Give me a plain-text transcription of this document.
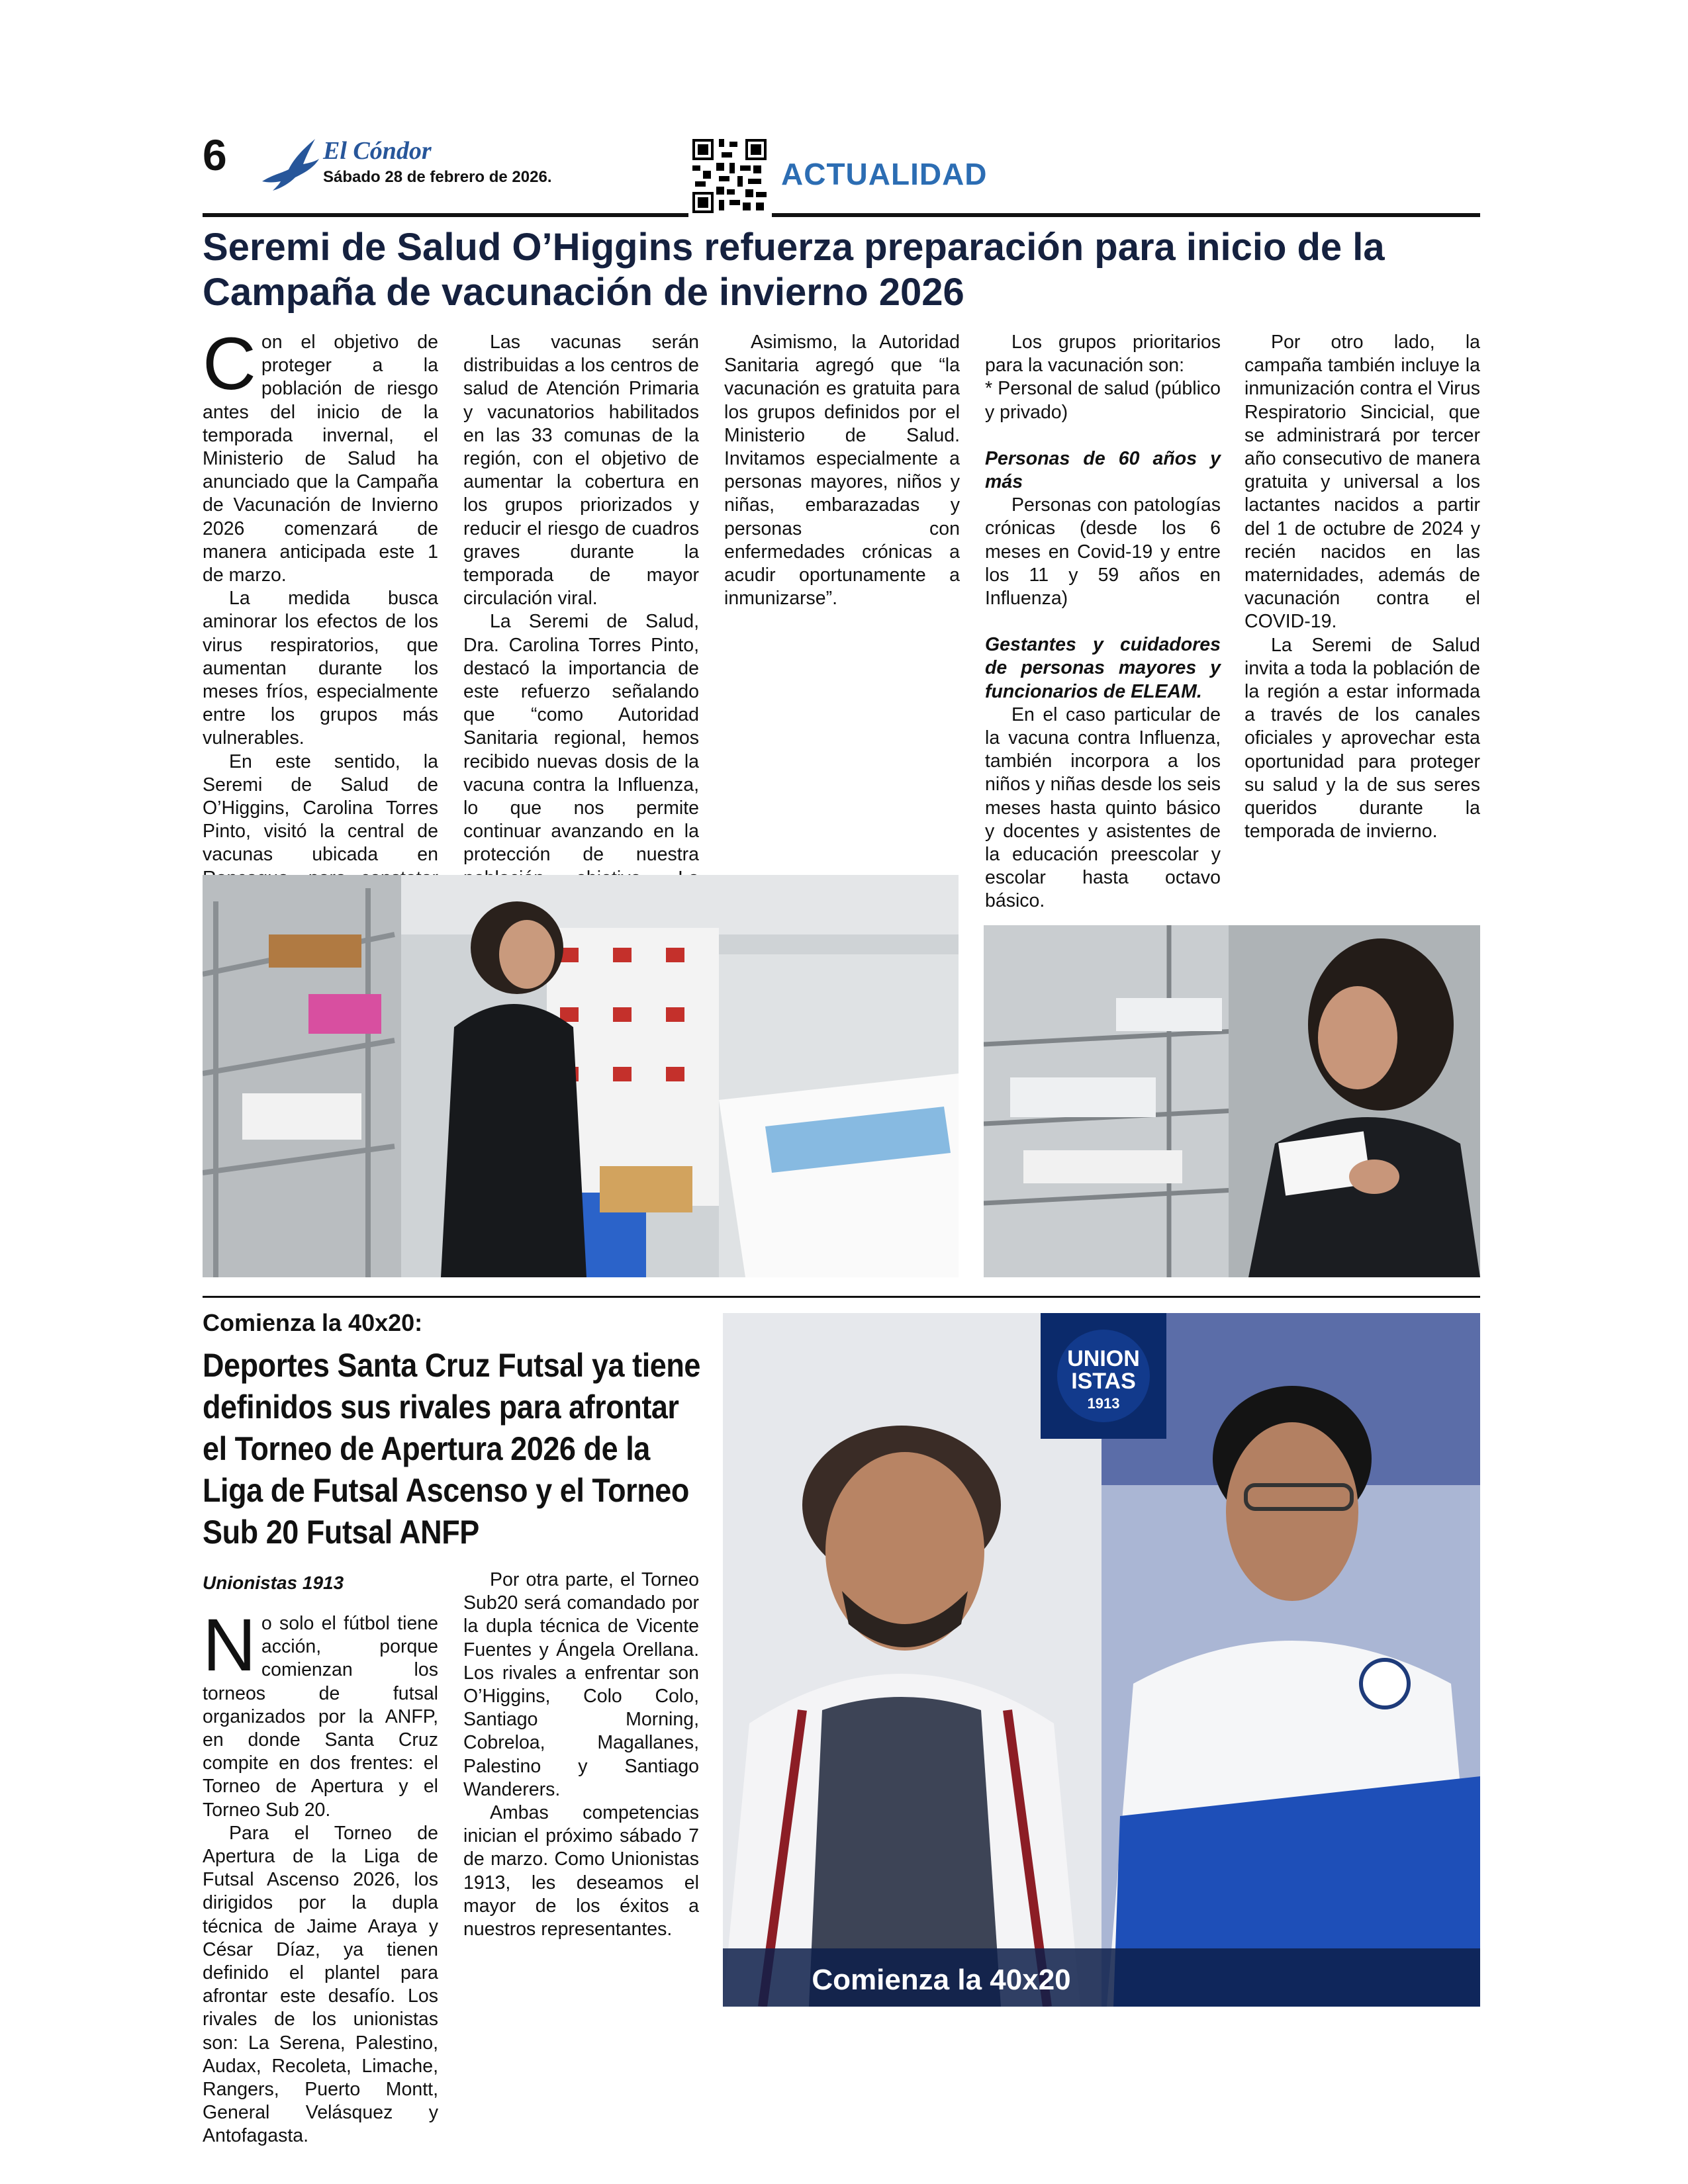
6	El Cóndor
Sábado 28 de febrero de 2026.	ACTUALIDAD
Seremi de Salud O’Higgins refuerza preparación para inicio de la Campaña de vacunación de invierno 2026

Con el objetivo de proteger a la población de riesgo antes del inicio de la temporada invernal, el Ministerio de Salud ha anunciado que la Campaña de Vacunación de Invierno 2026 comenzará de manera anticipada este 1 de marzo.

La medida busca aminorar los efectos de los virus respiratorios, que aumentan durante los meses fríos, especialmente entre los grupos más vulnerables.

En este sentido, la Seremi de Salud de O’Higgins, Carolina Torres Pinto, visitó la central de vacunas ubicada en

Las vacunas serán distribuidas a los centros de salud de Atención Primaria y vacunatorios habilitados en las 33 comunas de la región, con el objetivo de aumentar la cobertura en los grupos priorizados y reducir el riesgo de cuadros graves durante la temporada de mayor circulación viral.

La Seremi de Salud, Dra. Carolina Torres Pinto, destacó la importancia de este refuerzo señalando que “como Autoridad Sanitaria regional, hemos recibido nuevas dosis de la vacuna contra la Influenza, lo que nos permite continuar avanzando en la protección de nuestra

Asimismo, la Autoridad Sanitaria agregó que “la vacunación es gratuita para los grupos definidos por el Ministerio de Salud. Invitamos especialmente a personas mayores, niños y niñas, embarazadas y personas con enfermedades crónicas a acudir oportunamente a inmunizarse”.

Los grupos prioritarios para la vacunación son:

* Personal de salud (público y privado)

Personas de 60 años y más

Personas con patologías crónicas (desde los 6 meses en Covid-19 y entre los 11 y 59 años en Influenza)

Gestantes y cuidadores de personas mayores y funcionarios de ELEAM.

En el caso particular de la vacuna contra Influenza, también incorpora a los niños y niñas desde los seis meses hasta quinto básico y docentes y asistentes de la educación preescolar y escolar hasta octavo básico.

Por otro lado, la campaña también incluye la inmunización contra el Virus Respiratorio Sincicial, que se administrará por tercer año consecutivo de manera gratuita y universal a los lactantes nacidos a partir del 1 de octubre de 2024 y recién nacidos en las maternidades, además de vacunación contra el COVID-19.

La Seremi de Salud invita a toda la población de la región a estar informada a través de los canales oficiales y aprovechar esta oportunidad para proteger su salud y la de sus seres queridos durante la temporada de invierno.

Comienza la 40x20:
Deportes Santa Cruz Futsal ya tiene definidos sus rivales para afrontar el Torneo de Apertura 2026 de la Liga de Futsal Ascenso y el Torneo Sub 20 Futsal ANFP
Unionistas 1913

No solo el fútbol tiene acción, porque comienzan los torneos de futsal organizados por la ANFP, en donde Santa Cruz compite en dos frentes: el Torneo de Apertura y el Torneo Sub 20.

Para el Torneo de Apertura de la Liga de Futsal Ascenso 2026, los dirigidos por la dupla técnica de Jaime Araya y César Díaz, ya tienen definido el plantel para afrontar este desafío. Los rivales de los unionistas son: La Serena, Palestino, Audax, Recoleta, Limache, Rangers, Puerto Montt, General Velásquez y Antofagasta.

Por otra parte, el Torneo Sub20 será comandado por la dupla técnica de Vicente Fuentes y Ángela Orellana. Los rivales a enfrentar son O’Higgins, Colo Colo, Santiago Morning, Cobreloa, Magallanes, Palestino y Santiago Wanderers.

Ambas competencias inician el próximo sábado 7 de marzo. Como Unionistas 1913, les deseamos el mayor de los éxitos a nuestros representantes.

UNION
ISTAS
1913
Comienza la 40x20
